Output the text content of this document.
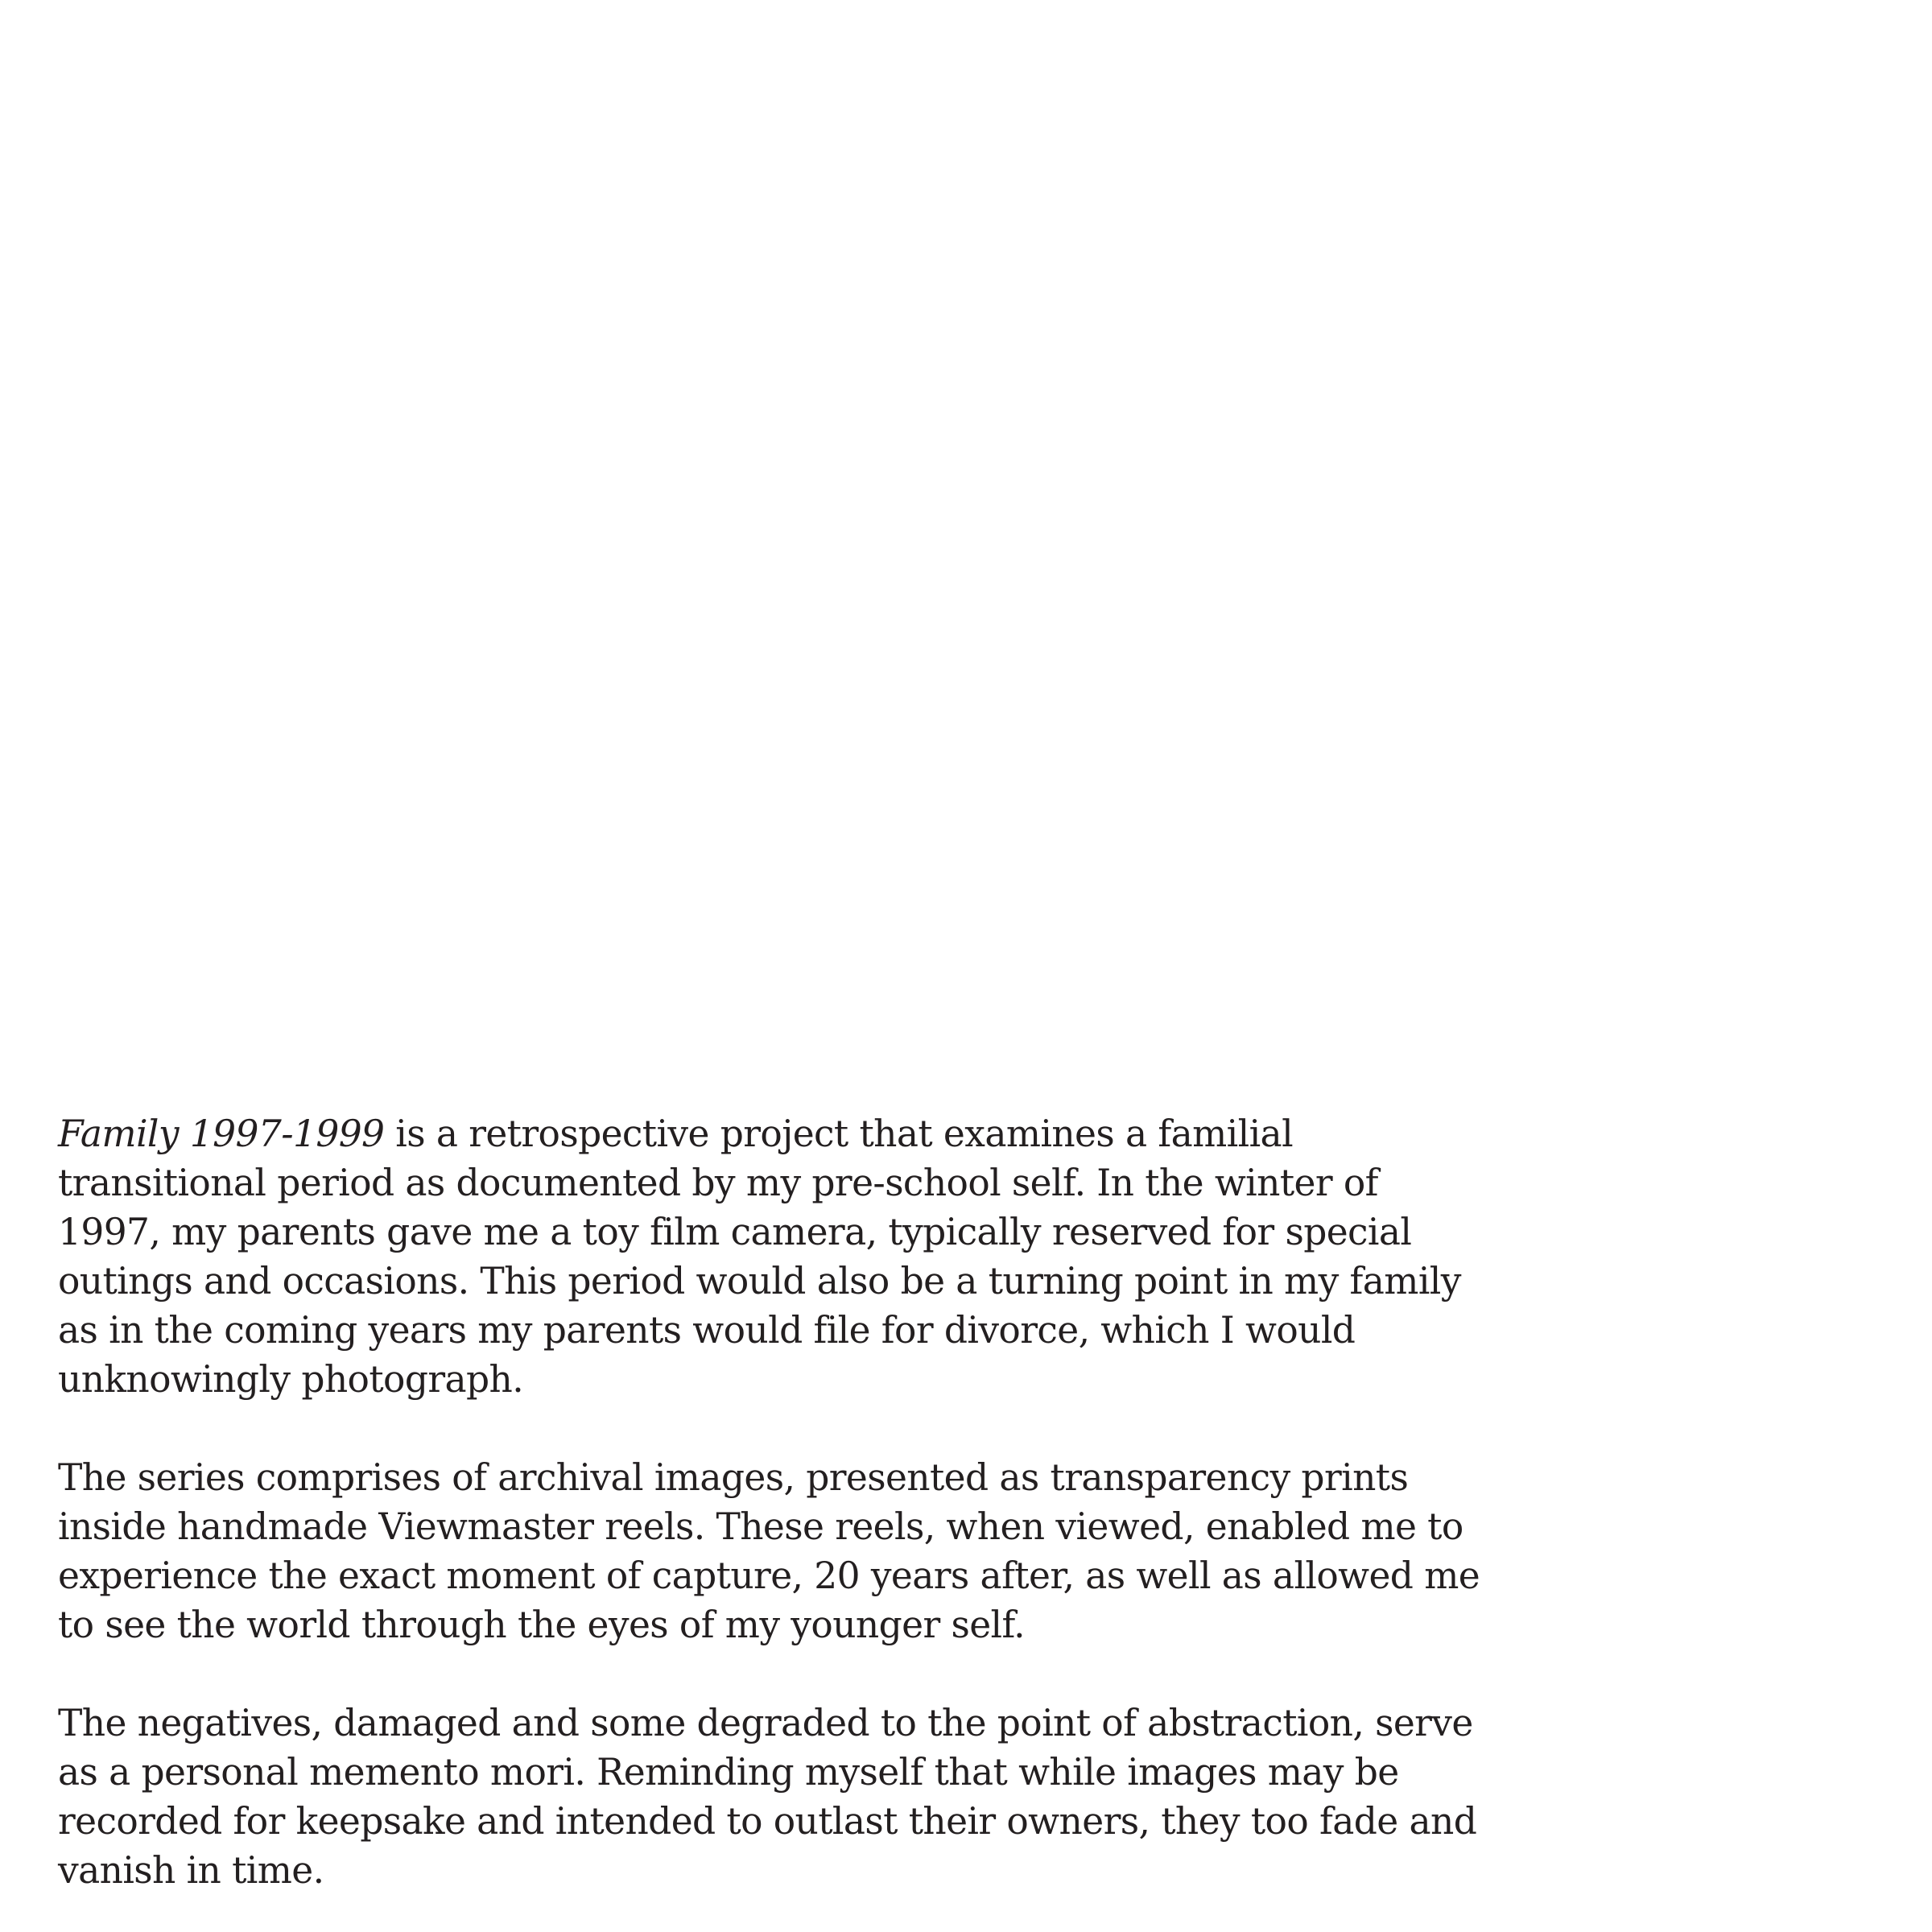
Family 1997-1999 is a retrospective project that examines a familial
transitional period as documented by my pre-school self. In the winter of
1997, my parents gave me a toy film camera, typically reserved for special
outings and occasions. This period would also be a turning point in my family
as in the coming years my parents would file for divorce, which I would
unknowingly photograph.

The series comprises of archival images, presented as transparency prints
inside handmade Viewmaster reels. These reels, when viewed, enabled me to
experience the exact moment of capture, 20 years after, as well as allowed me
to see the world through the eyes of my younger self.

The negatives, damaged and some degraded to the point of abstraction, serve
as a personal memento mori. Reminding myself that while images may be
recorded for keepsake and intended to outlast their owners, they too fade and
vanish in time.
